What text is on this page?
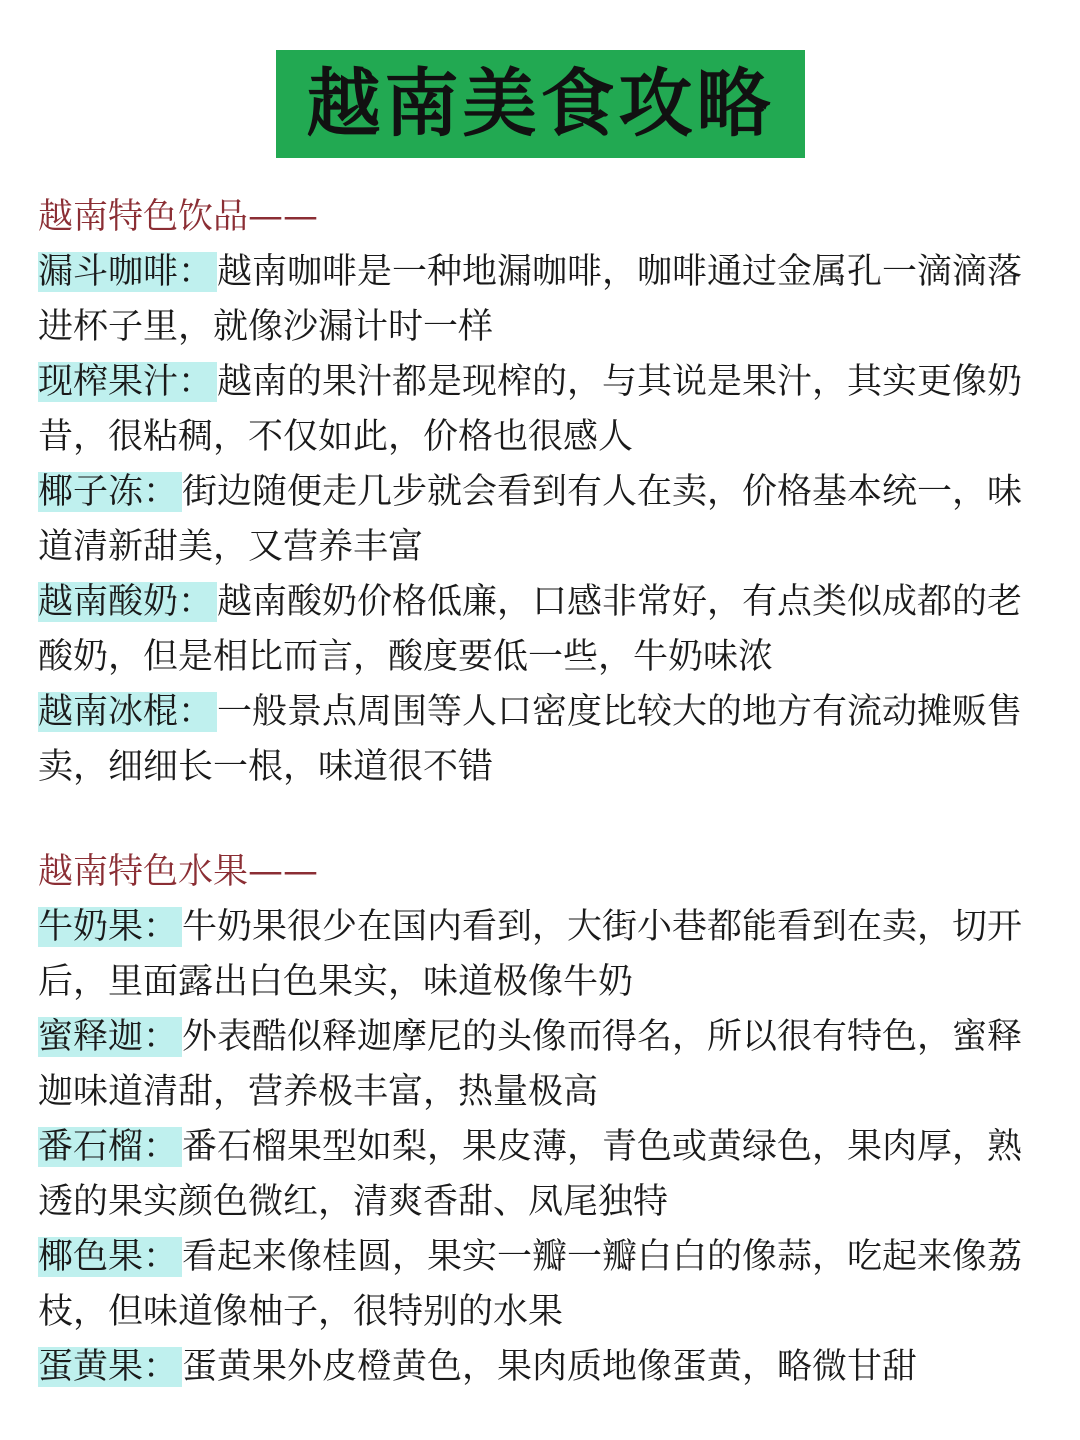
越南美食攻略
越南特色饮品——
漏斗咖啡： 越南咖啡是一种地漏咖啡，咖啡通过金属孔一滴滴落进杯子里，就像沙漏计时一样
现榨果汁： 越南的果汁都是现榨的，与其说是果汁，其实更像奶昔，很粘稠，不仅如此，价格也很感人
椰子冻： 街边随便走几步就会看到有人在卖，价格基本统一，味道清新甜美，又营养丰富
越南酸奶： 越南酸奶价格低廉，口感非常好，有点类似成都的老酸奶，但是相比而言，酸度要低一些，牛奶味浓
越南冰棍： 一般景点周围等人口密度比较大的地方有流动摊贩售卖，细细长一根，味道很不错
越南特色水果——
牛奶果： 牛奶果很少在国内看到，大街小巷都能看到在卖，切开后，里面露出白色果实，味道极像牛奶
蜜释迦： 外表酷似释迦摩尼的头像而得名，所以很有特色，蜜释迦味道清甜，营养极丰富，热量极高
番石榴： 番石榴果型如梨，果皮薄，青色或黄绿色，果肉厚，熟透的果实颜色微红，清爽香甜、凤尾独特
椰色果： 看起来像桂圆，果实一瓣一瓣白白的像蒜，吃起来像荔枝，但味道像柚子，很特别的水果
蛋黄果： 蛋黄果外皮橙黄色，果肉质地像蛋黄，略微甘甜
